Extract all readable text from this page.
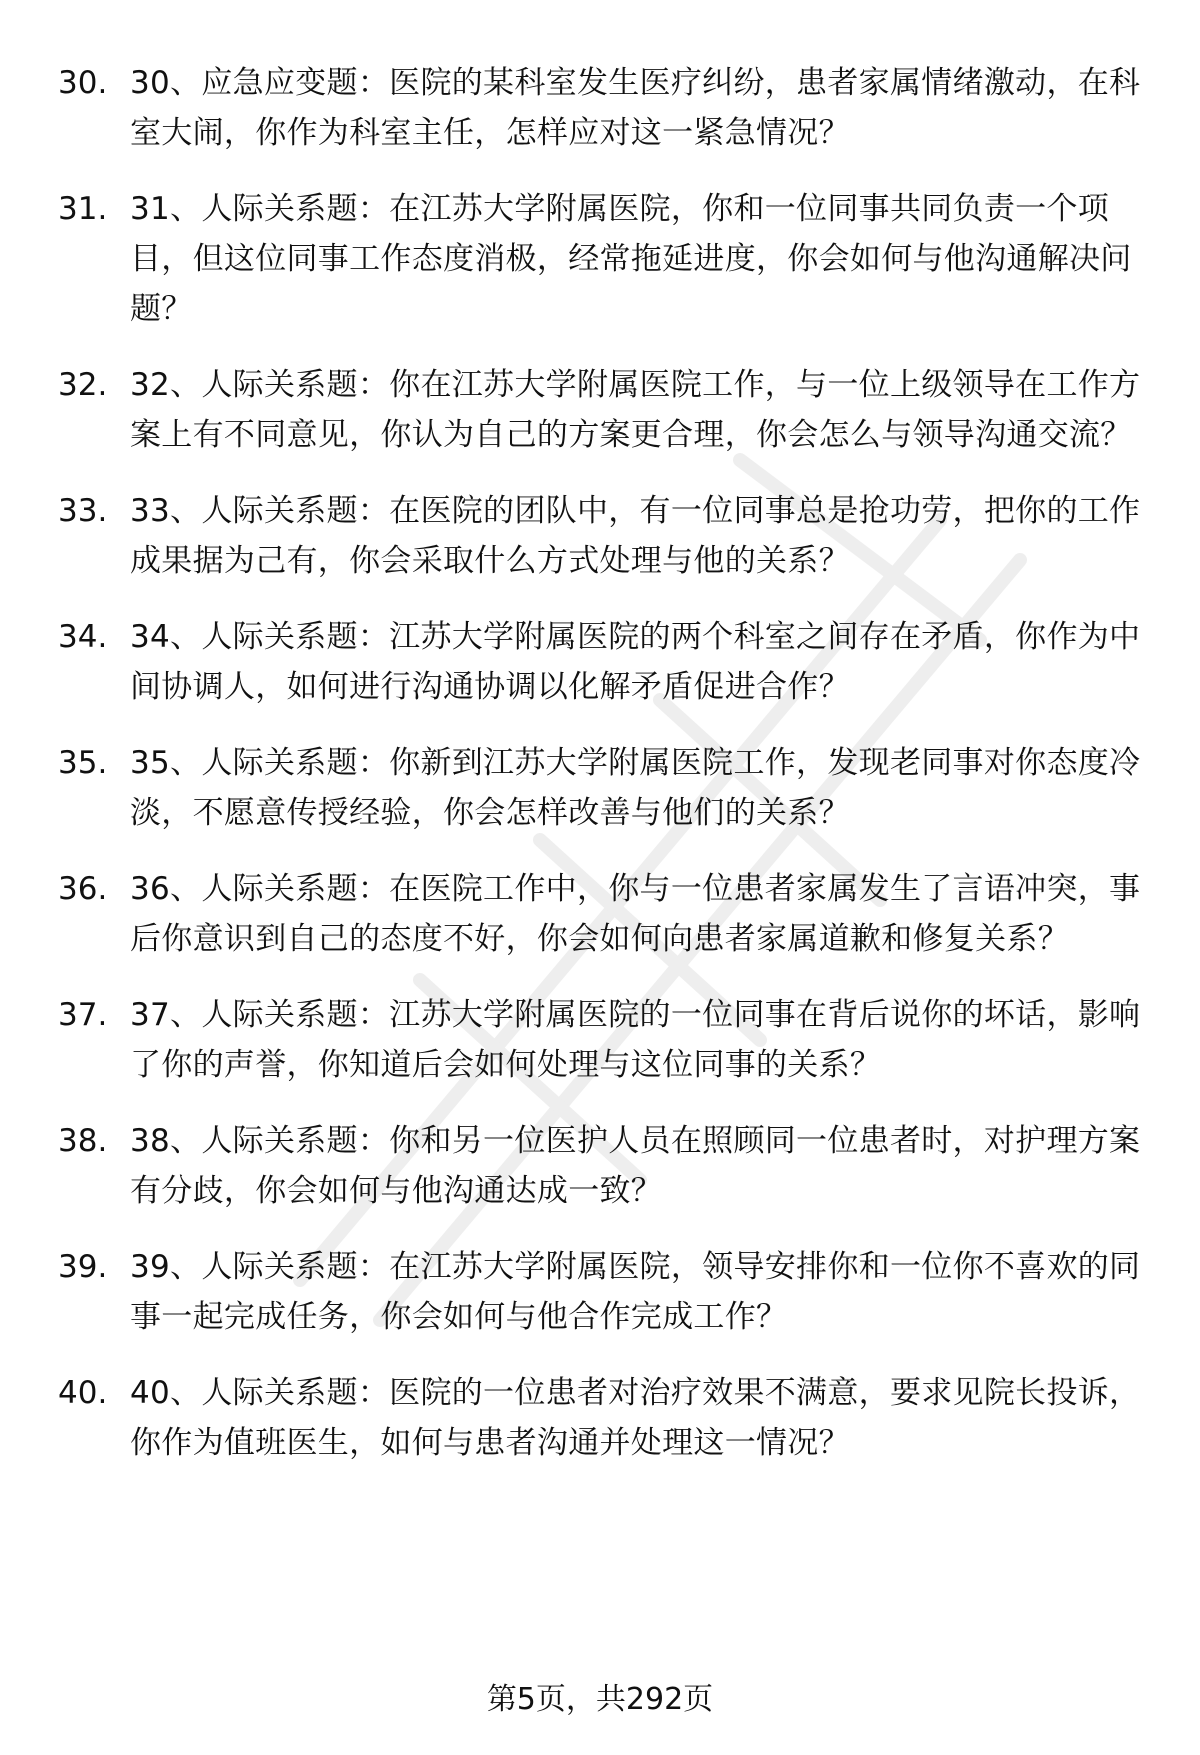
30. 30、应急应变题：医院的某科室发生医疗纠纷，患者家属情绪激动，在科室大闹，你作为科室主任，怎样应对这一紧急情况？
31. 31、人际关系题：在江苏大学附属医院，你和一位同事共同负责一个项目，但这位同事工作态度消极，经常拖延进度，你会如何与他沟通解决问题？
32. 32、人际关系题：你在江苏大学附属医院工作，与一位上级领导在工作方案上有不同意见，你认为自己的方案更合理，你会怎么与领导沟通交流？
33. 33、人际关系题：在医院的团队中，有一位同事总是抢功劳，把你的工作成果据为己有，你会采取什么方式处理与他的关系？
34. 34、人际关系题：江苏大学附属医院的两个科室之间存在矛盾，你作为中间协调人，如何进行沟通协调以化解矛盾促进合作？
35. 35、人际关系题：你新到江苏大学附属医院工作，发现老同事对你态度冷淡，不愿意传授经验，你会怎样改善与他们的关系？
36. 36、人际关系题：在医院工作中，你与一位患者家属发生了言语冲突，事后你意识到自己的态度不好，你会如何向患者家属道歉和修复关系？
37. 37、人际关系题：江苏大学附属医院的一位同事在背后说你的坏话，影响了你的声誉，你知道后会如何处理与这位同事的关系？
38. 38、人际关系题：你和另一位医护人员在照顾同一位患者时，对护理方案有分歧，你会如何与他沟通达成一致？
39. 39、人际关系题：在江苏大学附属医院，领导安排你和一位你不喜欢的同事一起完成任务，你会如何与他合作完成工作？
40. 40、人际关系题：医院的一位患者对治疗效果不满意，要求见院长投诉，你作为值班医生，如何与患者沟通并处理这一情况？
第5页，共292页
